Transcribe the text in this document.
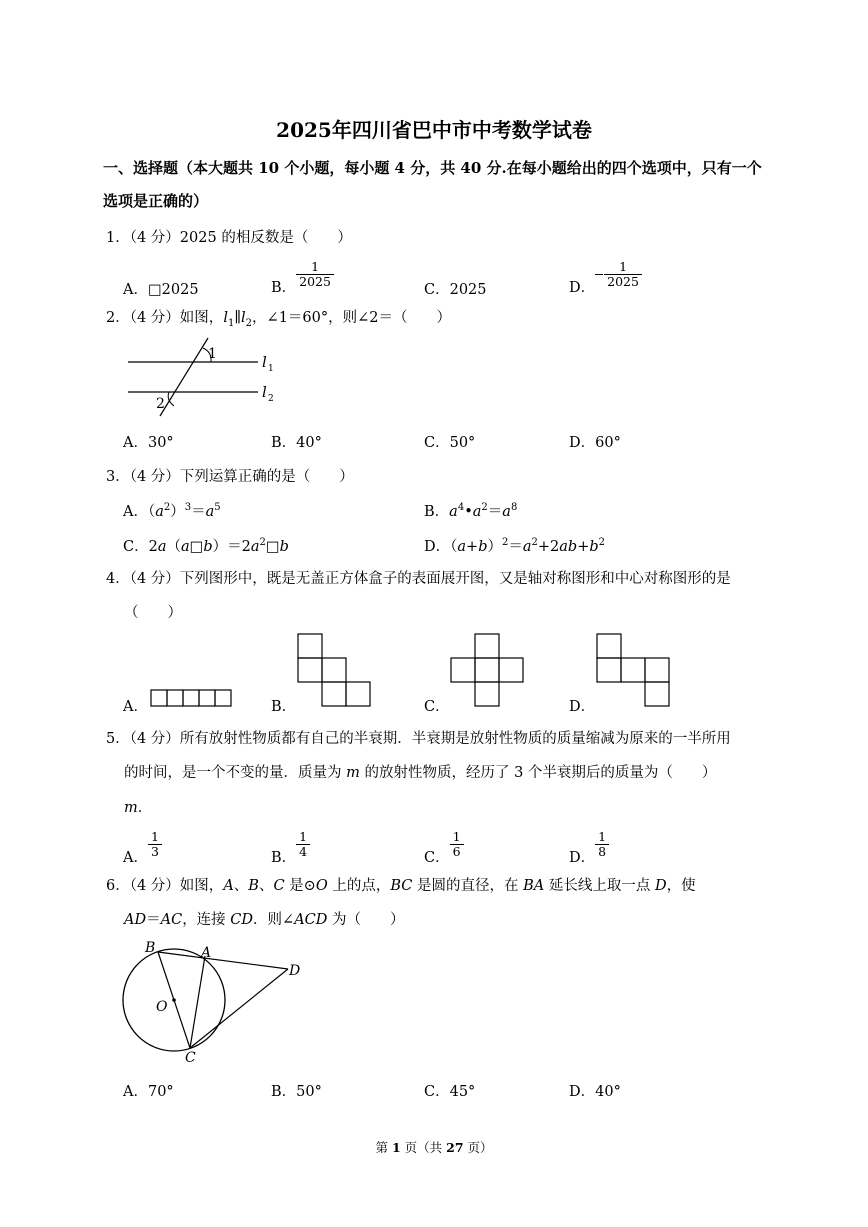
2025年四川省巴中市中考数学试卷
一、选择题（本大题共 10 个小题，每小题 4 分，共 40 分.在每小题给出的四个选项中，只有一个
选项是正确的）
1．（4 分）2025 的相反数是（　　）
A．□2025	B． $\frac{1}{2025}$
C．2025	D． $\frac{1}{2025}$
2．（4 分）如图，$l_1\parallel l_2$，∠1＝60°，则∠2＝（　　）
1
2
l 1
l 2
A．30°	B．40°	C．50°	D．60°
3．（4 分）下列运算正确的是（　　）
A．$(a^2)^3=a^5$	B．$a^4•a^2=a^8$
C．$2a(a□b)=2a^2□b$	D．$(a+b)^2=a^2+2ab+b^2$
4．（4 分）下列图形中，既是无盖正方体盒子的表面展开图，又是轴对称图形和中心对称图形的是
（　　）
A．	B．	C．	D．
5．（4 分）所有放射性物质都有自己的半衰期．半衰期是放射性物质的质量缩减为原来的一半所用
的时间，是一个不变的量．质量为 m 的放射性物质，经历了 3 个半衰期后的质量为（　　）
m．
A． $\frac{1}{3}$	B． $\frac{1}{4}$	C． $\frac{1}{6}$	D． $\frac{1}{8}$
6．（4 分）如图，A、B、C 是⊙O 上的点，BC 是圆的直径，在 BA 延长线上取一点 D，使
AD＝AC，连接 CD．则∠ACD 为（　　）
B	A
D
O
C
A．70°	B．50°	C．45°	D．40°
第 1 页（共 27 页）
